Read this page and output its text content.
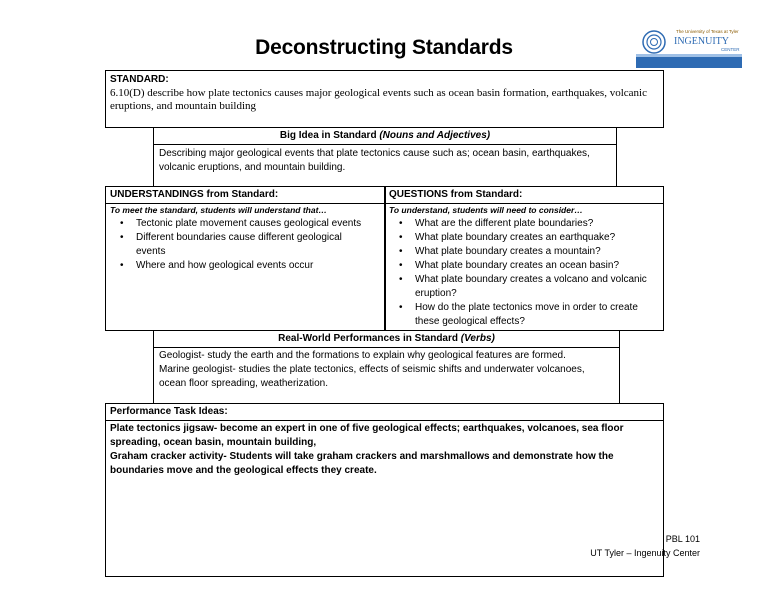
Deconstructing Standards
The University of Texas at Tyler
INGENUITY
CENTER
STANDARD:
6.10(D) describe how plate tectonics causes major geological events such as ocean basin formation, earthquakes, volcanic eruptions, and mountain building
Big Idea in Standard (Nouns and Adjectives)
Describing major geological events that plate tectonics cause such as; ocean basin, earthquakes, volcanic eruptions, and mountain building.
UNDERSTANDINGS from Standard:
To meet the standard, students will understand that…
• Tectonic plate movement causes geological events
• Different boundaries cause different geological events
• Where and how geological events occur
QUESTIONS from Standard:
To understand, students will need to consider…
• What are the different plate boundaries?
• What plate boundary creates an earthquake?
• What plate boundary creates a mountain?
• What plate boundary creates an ocean basin?
• What plate boundary creates a volcano and volcanic eruption?
• How do the plate tectonics move in order to create these geological effects?
Real-World Performances in Standard (Verbs)
Geologist- study the earth and the formations to explain why geological features are formed.
Marine geologist- studies the plate tectonics, effects of seismic shifts and underwater volcanoes, ocean floor spreading, weatherization.
Performance Task Ideas:
Plate tectonics jigsaw- become an expert in one of five geological effects; earthquakes, volcanoes, sea floor spreading, ocean basin, mountain building,
Graham cracker activity- Students will take graham crackers and marshmallows and demonstrate how the boundaries move and the geological effects they create.
PBL 101
UT Tyler – Ingenuity Center
